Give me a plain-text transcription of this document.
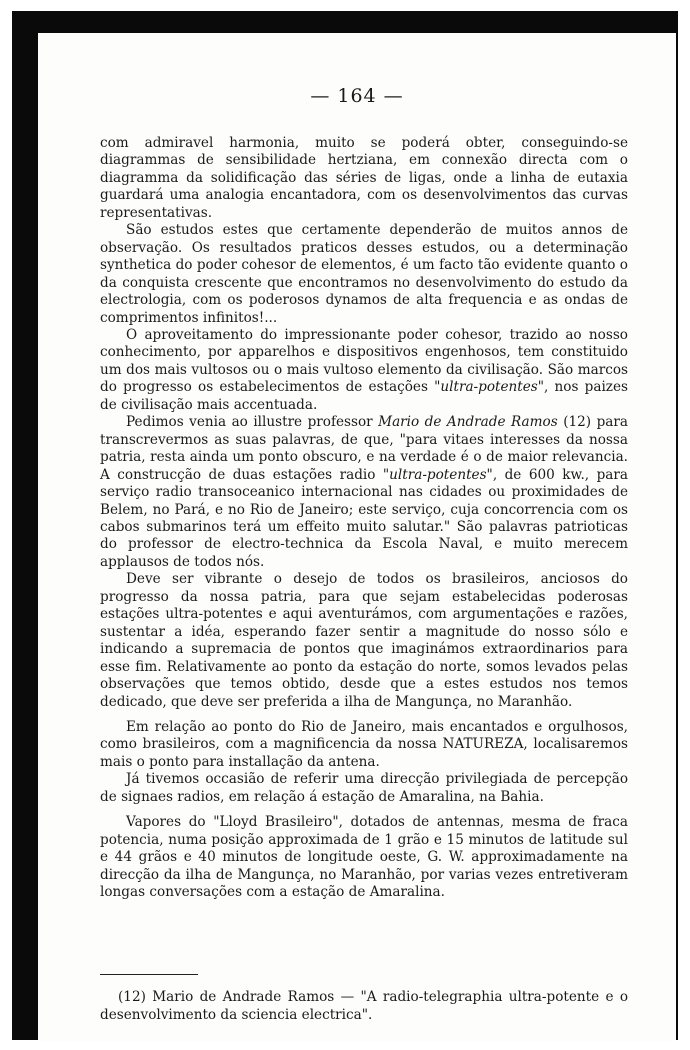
— 164 —

com admiravel harmonia, muito se poderá obter, conseguindo-se diagrammas de sensibilidade hertziana, em connexão directa com o diagramma da solidificação das séries de ligas, onde a linha de eutaxia guardará uma analogia encantadora, com os desenvolvimentos das curvas representativas.

São estudos estes que certamente dependerão de muitos annos de observação. Os resultados praticos desses estudos, ou a determinação synthetica do poder cohesor de elementos, é um facto tão evidente quanto o da conquista crescente que encontramos no desenvolvimento do estudo da electrologia, com os poderosos dynamos de alta frequencia e as ondas de comprimentos infinitos!...

O aproveitamento do impressionante poder cohesor, trazido ao nosso conhecimento, por apparelhos e dispositivos engenhosos, tem constituido um dos mais vultosos ou o mais vultoso elemento da civilisação. São marcos do progresso os estabelecimentos de estações "ultra-potentes", nos paizes de civilisação mais accentuada.

Pedimos venia ao illustre professor Mario de Andrade Ramos (12) para transcrevermos as suas palavras, de que, "para vitaes interesses da nossa patria, resta ainda um ponto obscuro, e na verdade é o de maior relevancia. A construcção de duas estações radio "ultra-potentes", de 600 kw., para serviço radio transoceanico internacional nas cidades ou proximidades de Belem, no Pará, e no Rio de Janeiro; este serviço, cuja concorrencia com os cabos submarinos terá um effeito muito salutar." São palavras patrioticas do professor de electro-technica da Escola Naval, e muito merecem applausos de todos nós.

Deve ser vibrante o desejo de todos os brasileiros, anciosos do progresso da nossa patria, para que sejam estabelecidas poderosas estações ultra-potentes e aqui aventurámos, com argumentações e razões, sustentar a idéa, esperando fazer sentir a magnitude do nosso sólo e indicando a supremacia de pontos que imaginámos extraordinarios para esse fim. Relativamente ao ponto da estação do norte, somos levados pelas observações que temos obtido, desde que a estes estudos nos temos dedicado, que deve ser preferida a ilha de Mangunça, no Maranhão.

Em relação ao ponto do Rio de Janeiro, mais encantados e orgulhosos, como brasileiros, com a magnificencia da nossa NATUREZA, localisaremos mais o ponto para installação da antena.

Já tivemos occasião de referir uma direcção privilegiada de percepção de signaes radios, em relação á estação de Amaralina, na Bahia.

Vapores do "Lloyd Brasileiro", dotados de antennas, mesma de fraca potencia, numa posição approximada de 1 grão e 15 minutos de latitude sul e 44 grãos e 40 minutos de longitude oeste, G. W. approximadamente na direcção da ilha de Mangunça, no Maranhão, por varias vezes entretiveram longas conversações com a estação de Amaralina.

(12) Mario de Andrade Ramos — "A radio-telegraphia ultra-potente e o desenvolvimento da sciencia electrica".
